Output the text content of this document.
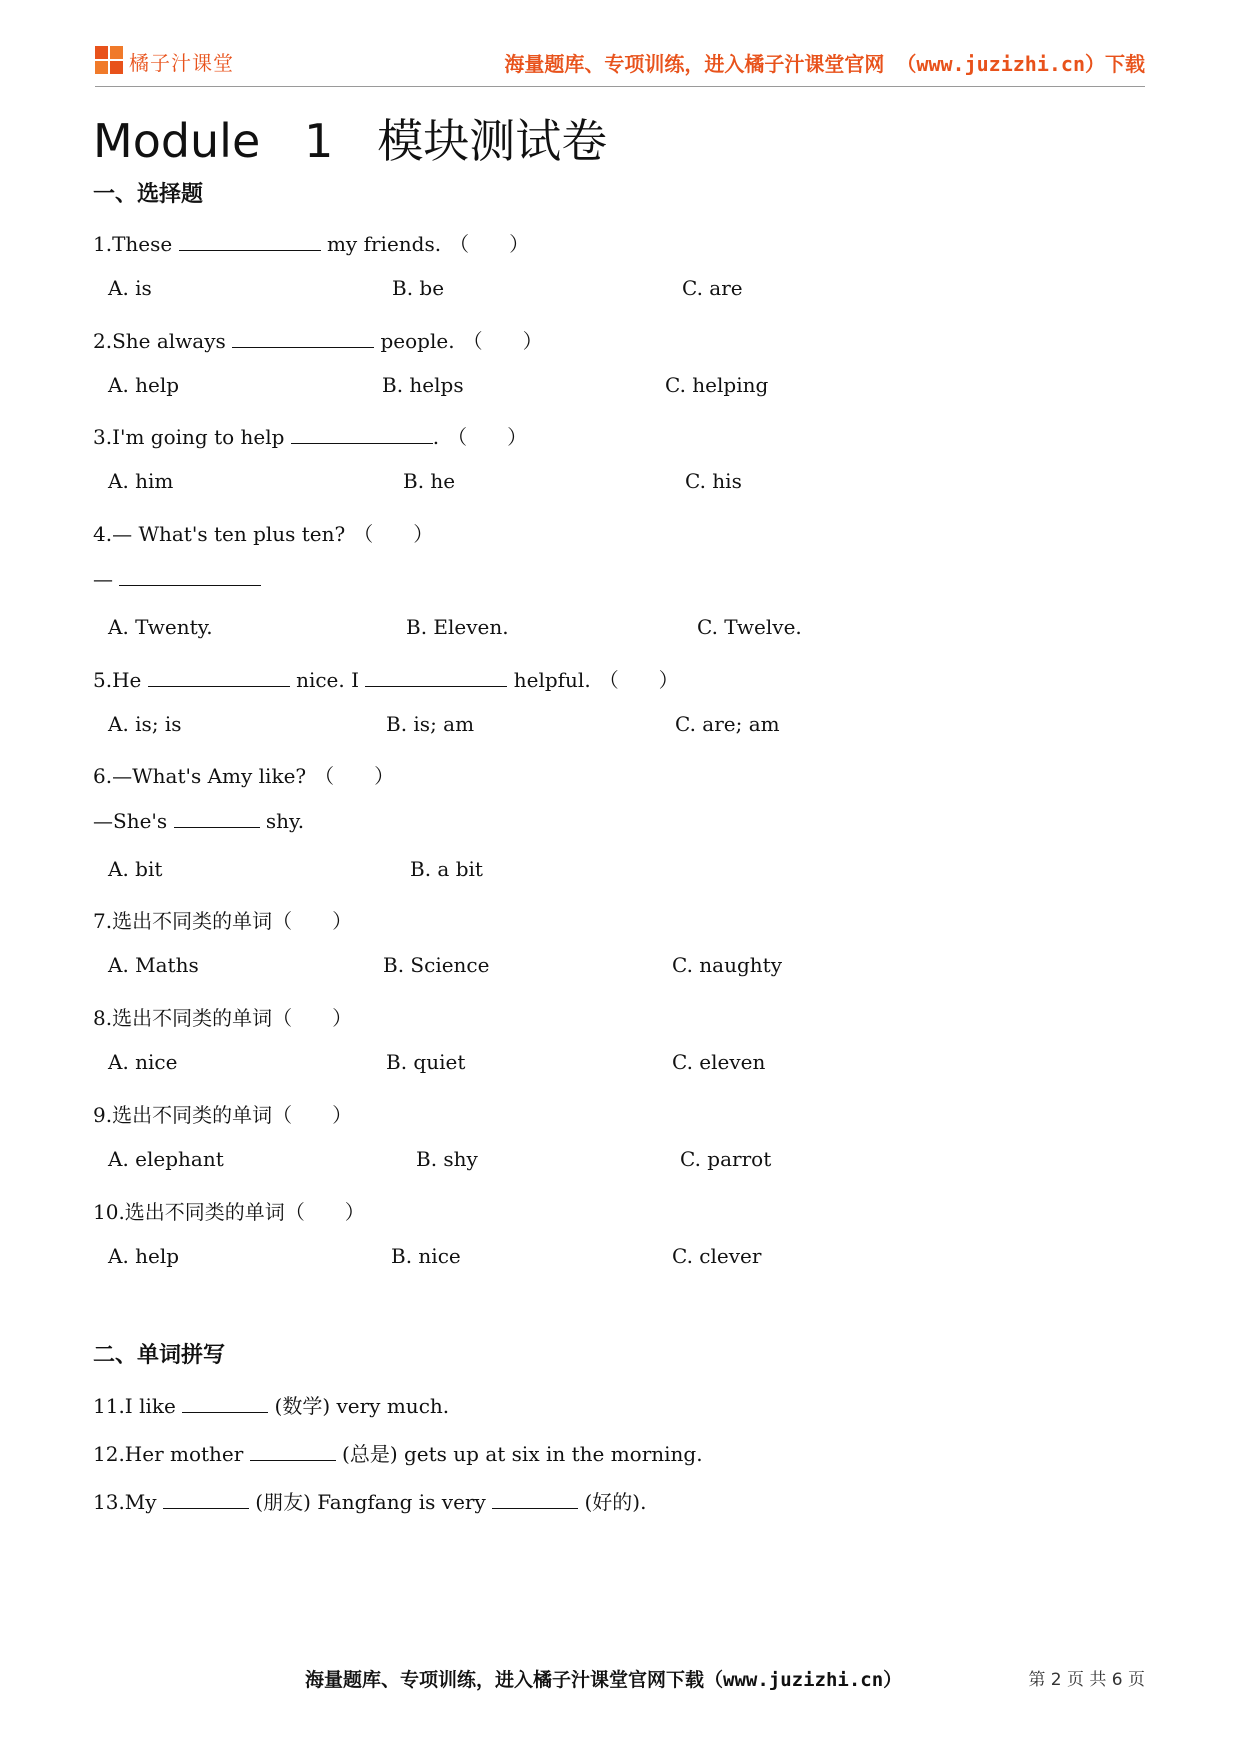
橘子汁课堂	海量题库、专项训练，进入橘子汁课堂官网 （www.juzizhi.cn）下载
Module   1   模块测试卷
一、选择题
1.These	my friends. （　　）
A. is	B. be	C. are
2.She always	people. （　　）
A. help	B. helps	C. helping
3.I'm going to help	. （　　）
A. him	B. he	C. his
4.— What's ten plus ten? （　　）
—
A. Twenty.	B. Eleven.	C. Twelve.
5.He	nice. I	helpful. （　　）
A. is; is	B. is; am	C. are; am
6.—What's Amy like? （　　）
—She's	shy.
A. bit	B. a bit
7.选出不同类的单词（　　）
A. Maths	B. Science	C. naughty
8.选出不同类的单词（　　）
A. nice	B. quiet	C. eleven
9.选出不同类的单词（　　）
A. elephant	B. shy	C. parrot
10.选出不同类的单词（　　）
A. help	B. nice	C. clever
二、单词拼写
11.I like	(数学) very much.
12.Her mother	(总是) gets up at six in the morning.
13.My	(朋友) Fangfang is very	(好的).
海量题库、专项训练，进入橘子汁课堂官网下载（www.juzizhi.cn）	第 2 页 共 6 页
